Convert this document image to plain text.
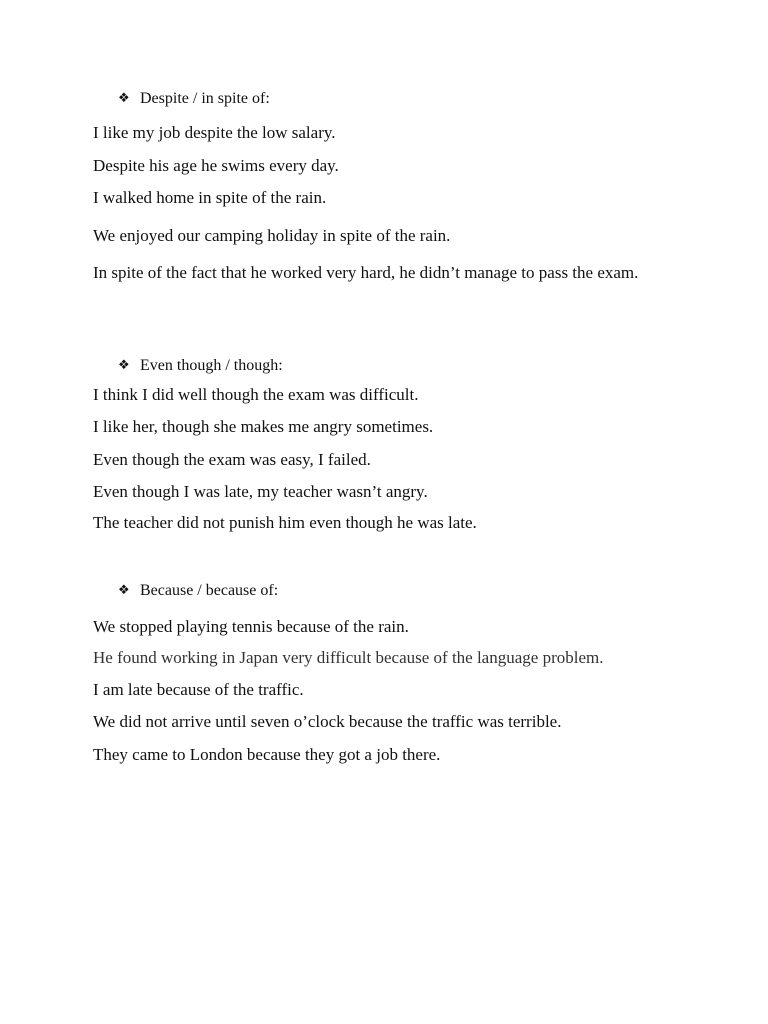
❖ Despite / in spite of:
I like my job despite the low salary.
Despite his age he swims every day.
I walked home in spite of the rain.
We enjoyed our camping holiday in spite of the rain.
In spite of the fact that he worked very hard, he didn’t manage to pass the exam.
❖ Even though / though:
I think I did well though the exam was difficult.
I like her, though she makes me angry sometimes.
Even though the exam was easy, I failed.
Even though I was late, my teacher wasn’t angry.
The teacher did not punish him even though he was late.
❖ Because / because of:
We stopped playing tennis because of the rain.
He found working in Japan very difficult because of the language problem.
I am late because of the traffic.
We did not arrive until seven o’clock because the traffic was terrible.
They came to London because they got a job there.
